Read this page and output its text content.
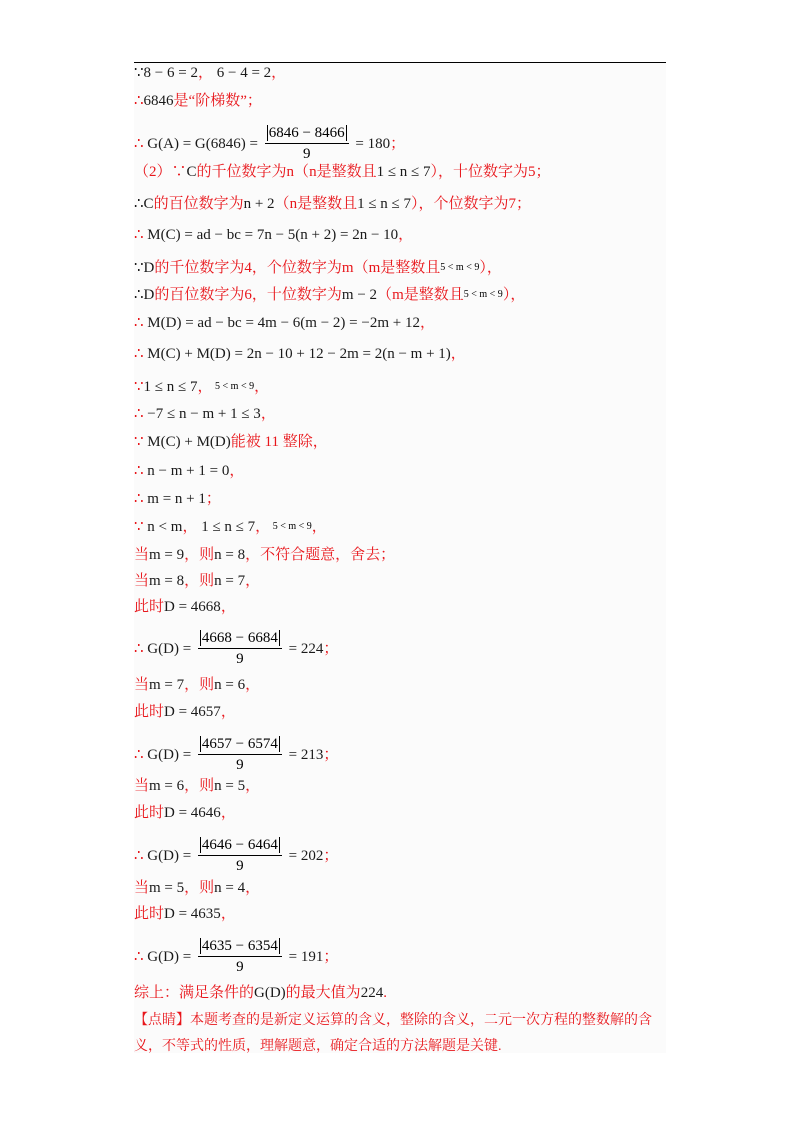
∵ 8 − 6 = 2 ， 6 − 4 = 2 ，
∴ 6846 是“阶梯数”；
∴ $G(A) = G(6846) = \frac{6846 - 8466}{9} = 180$ ；
（2）∵ C 的千位数字为 n （ n 是整数且 1 ≤ n ≤ 7 ），十位数字为5；
∴C 的百位数字为 n + 2 （ n 是整数且 1 ≤ n ≤ 7 ），个位数字为7；
∴ M(C) = ad − bc = 7n − 5(n + 2) = 2n − 10 ，
∵D 的千位数字为4，个位数字为 m （ m 是整数且 5 < m < 9 ），
∴D 的百位数字为6，十位数字为 m − 2 （ m 是整数且 5 < m < 9 ），
∴ M(D) = ad − bc = 4m − 6(m − 2) = −2m + 12 ，
∴ M(C) + M(D) = 2n − 10 + 12 − 2m = 2(n − m + 1) ，
∵ 1 ≤ n ≤ 7 ， 5 < m < 9 ，
∴ −7 ≤ n − m + 1 ≤ 3 ，
∵ M(C) + M(D) 能被 11 整除，
∴ n − m + 1 = 0 ，
∴ m = n + 1 ；
∵ n < m ， 1 ≤ n ≤ 7 ， 5 < m < 9 ，
当 m = 9 ，则 n = 8 ，不符合题意，舍去；
当 m = 8 ，则 n = 7 ，
此时 D = 4668 ，
∴ $G(D) = \frac{4668 - 6684}{9} = 224$ ；
当 m = 7 ，则 n = 6 ，
此时 D = 4657 ，
∴ $G(D) = \frac{4657 - 6574}{9} = 213$ ；
当 m = 6 ，则 n = 5 ，
此时 D = 4646 ，
∴ $G(D) = \frac{4646 - 6464}{9} = 202$ ；
当 m = 5 ，则 n = 4 ，
此时 D = 4635 ，
∴ $G(D) = \frac{4635 - 6354}{9} = 191$ ；
综上：满足条件的 G(D) 的最大值为 224 .
【点睛】本题考查的是新定义运算的含义，整除的含义，二元一次方程的整数解的含义，不等式的性质，理解题意，确定合适的方法解题是关键.
